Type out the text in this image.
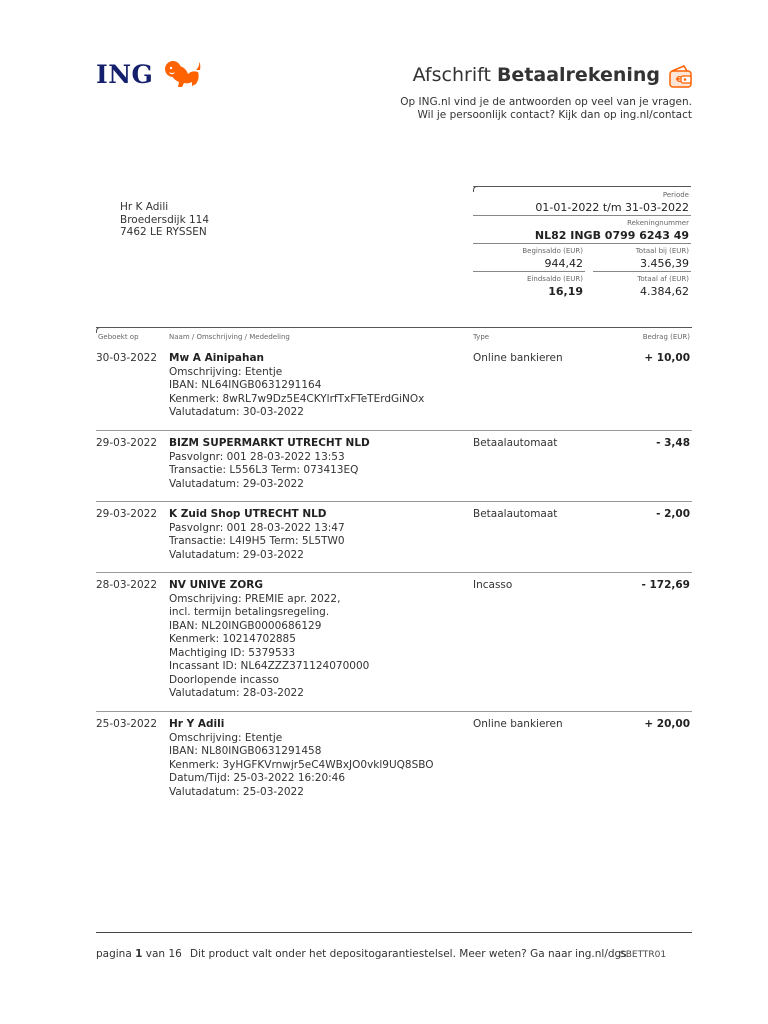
ING	Afschrift Betaalrekening €
Op ING.nl vind je de antwoorden op veel van je vragen.
Wil je persoonlijk contact? Kijk dan op ing.nl/contact
Hr K Adili
Broedersdijk 114
7462 LE RYSSEN
Periode
01-01-2022 t/m 31-03-2022
Rekeningnummer
NL82 INGB 0799 6243 49
Beginsaldo (EUR)
944,42
Totaal bij (EUR)
3.456,39
Eindsaldo (EUR)
16,19
Totaal af (EUR)
4.384,62
Geboekt op	Naam / Omschrijving / Mededeling	Type	Bedrag (EUR)
30-03-2022 Mw A Ainipahan	Online bankieren	+ 10,00
Omschrijving: Etentje
IBAN: NL64INGB0631291164
Kenmerk: 8wRL7w9Dz5E4CKYlrfTxFTeTErdGiNOx
Valutadatum: 30-03-2022
29-03-2022 BIZM SUPERMARKT UTRECHT NLD	Betaalautomaat	- 3,48
Pasvolgnr: 001 28-03-2022 13:53
Transactie: L556L3 Term: 073413EQ
Valutadatum: 29-03-2022
29-03-2022 K Zuid Shop UTRECHT NLD	Betaalautomaat	- 2,00
Pasvolgnr: 001 28-03-2022 13:47
Transactie: L4I9H5 Term: 5L5TW0
Valutadatum: 29-03-2022
28-03-2022 NV UNIVE ZORG	Incasso	- 172,69
Omschrijving: PREMIE apr. 2022,
incl. termijn betalingsregeling.
IBAN: NL20INGB0000686129
Kenmerk: 10214702885
Machtiging ID: 5379533
Incassant ID: NL64ZZZ371124070000
Doorlopende incasso
Valutadatum: 28-03-2022
25-03-2022 Hr Y Adili	Online bankieren	+ 20,00
Omschrijving: Etentje
IBAN: NL80INGB0631291458
Kenmerk: 3yHGFKVrnwjr5eC4WBxJO0vkl9UQ8SBO
Datum/Tijd: 25-03-2022 16:20:46
Valutadatum: 25-03-2022
pagina 1 van 16 Dit product valt onder het depositogarantiestelsel. Meer weten? Ga naar ing.nl/dgs
SBETTR01
